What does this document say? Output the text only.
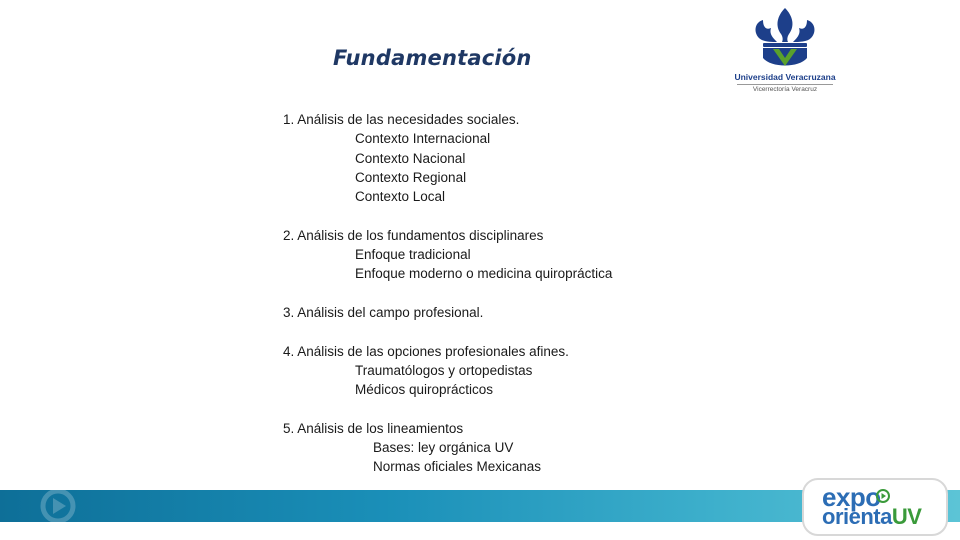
Fundamentación
Universidad Veracruzana
Vicerrectoría Veracruz
1. Análisis de las necesidades sociales.
Contexto Internacional
Contexto Nacional
Contexto Regional
Contexto Local
2. Análisis de los fundamentos disciplinares
Enfoque tradicional
Enfoque moderno o medicina quiropráctica
3. Análisis del campo profesional.
4. Análisis de las opciones profesionales afines.
Traumatólogos y ortopedistas
Médicos quiroprácticos
5. Análisis de los lineamientos
Bases: ley orgánica UV
Normas oficiales Mexicanas
expo
orientaUV
